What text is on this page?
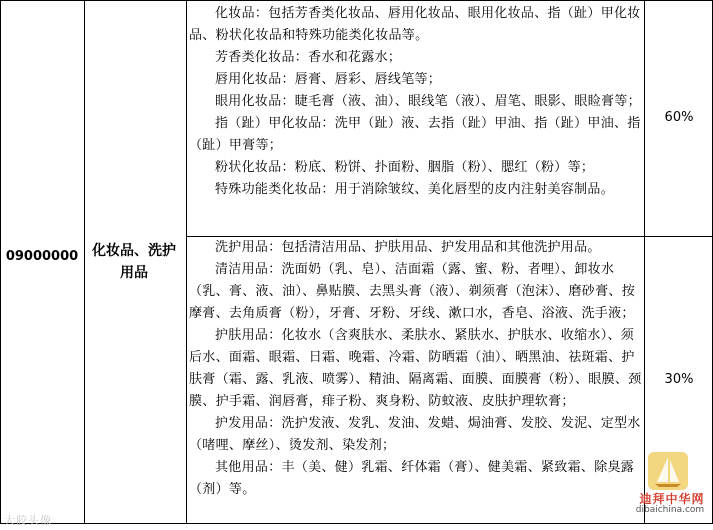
09000000 化妆品、洗护用品

化妆品：包括芳香类化妆品、唇用化妆品、眼用化妆品、指（趾）甲化妆品、粉状化妆品和特殊功能类化妆品等。

芳香类化妆品：香水和花露水；

唇用化妆品：唇膏、唇彩、唇线笔等；

眼用化妆品：睫毛膏（液、油）、眼线笔（液）、眉笔、眼影、眼睑膏等；

指（趾）甲化妆品：洗甲（趾）液、去指（趾）甲油、指（趾）甲油、指（趾）甲膏等；

粉状化妆品：粉底、粉饼、扑面粉、胭脂（粉）、腮红（粉）等；

特殊功能类化妆品：用于消除皱纹、美化唇型的皮内注射美容制品。

60%

洗护用品：包括清洁用品、护肤用品、护发用品和其他洗护用品。

清洁用品：洗面奶（乳、皂）、洁面霜（露、蜜、粉、者哩）、卸妆水（乳、膏、液、油）、鼻贴膜、去黑头膏（液）、剃须膏（泡沫）、磨砂膏、按摩膏、去角质膏（粉），牙膏、牙粉、牙线、漱口水，香皂、浴液、洗手液；

护肤用品：化妆水（含爽肤水、柔肤水、紧肤水、护肤水、收缩水）、须后水、面霜、眼霜、日霜、晚霜、冷霜、防晒霜（油）、晒黑油、祛斑霜、护肤膏（霜、露、乳液、喷雾）、精油、隔离霜、面膜、面膜膏（粉）、眼膜、颈膜、护手霜、润唇膏，痱子粉、爽身粉、防蚊液、皮肤护理软膏；

护发用品：洗护发液、发乳、发油、发蜡、焗油膏、发胶、发泥、定型水（啫哩、摩丝）、烫发剂、染发剂；

其他用品：丰（美、健）乳霜、纤体霜（膏）、健美霜、紧致霜、除臭露（剂）等。

30%
大胶头像
迪拜中华网
dibaichina.com
